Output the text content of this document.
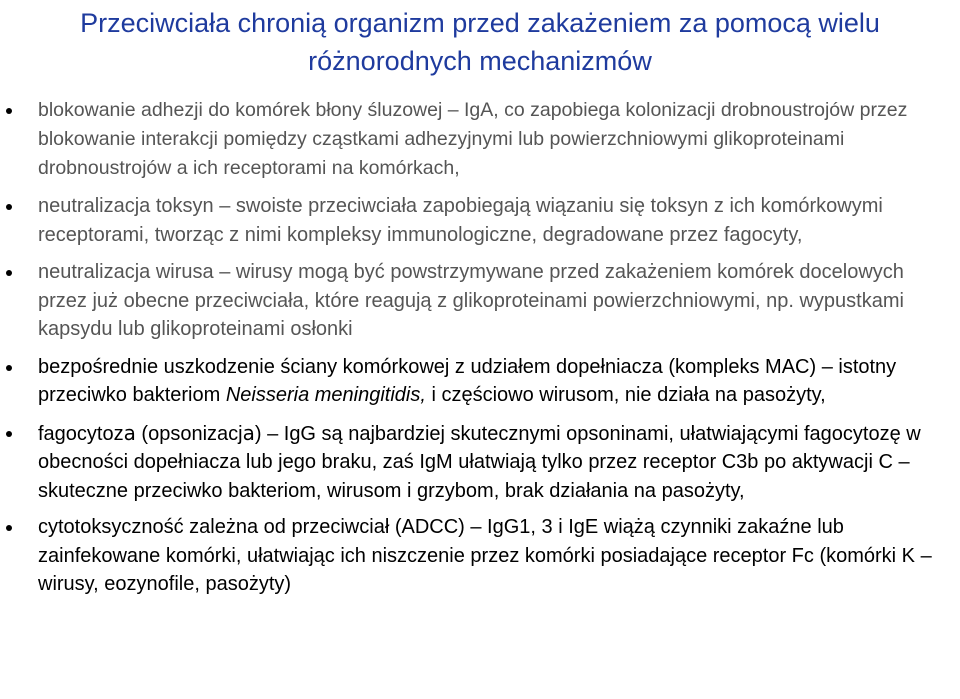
Przeciwciała chronią organizm przed zakażeniem za pomocą wielu różnorodnych mechanizmów
blokowanie adhezji do komórek błony śluzowej – IgA, co zapobiega kolonizacji drobnoustrojów przez blokowanie interakcji pomiędzy cząstkami adhezyjnymi lub powierzchniowymi glikoproteinami drobnoustrojów a ich receptorami na komórkach,
neutralizacja toksyn – swoiste przeciwciała zapobiegają wiązaniu się toksyn z ich komórkowymi receptorami, tworząc z nimi kompleksy immunologiczne, degradowane przez fagocyty,
neutralizacja wirusa – wirusy mogą być powstrzymywane przed zakażeniem komórek docelowych przez już obecne przeciwciała, które reagują z glikoproteinami powierzchniowymi, np. wypustkami kapsydu lub glikoproteinami osłonki
bezpośrednie uszkodzenie ściany komórkowej z udziałem dopełniacza (kompleks MAC) – istotny przeciwko bakteriom Neisseria meningitidis, i częściowo wirusom, nie działa na pasożyty,
fagocytoza (opsonizacja) – IgG są najbardziej skutecznymi opsoninami, ułatwiającymi fagocytozę w obecności dopełniacza lub jego braku, zaś IgM ułatwiają tylko przez receptor C3b po aktywacji C – skuteczne przeciwko bakteriom, wirusom i grzybom, brak działania na pasożyty,
cytotoksyczność zależna od przeciwciał (ADCC) – IgG1, 3 i IgE wiążą czynniki zakaźne lub zainfekowane komórki, ułatwiając ich niszczenie przez komórki posiadające receptor Fc (komórki K – wirusy, eozynofile, pasożyty)
